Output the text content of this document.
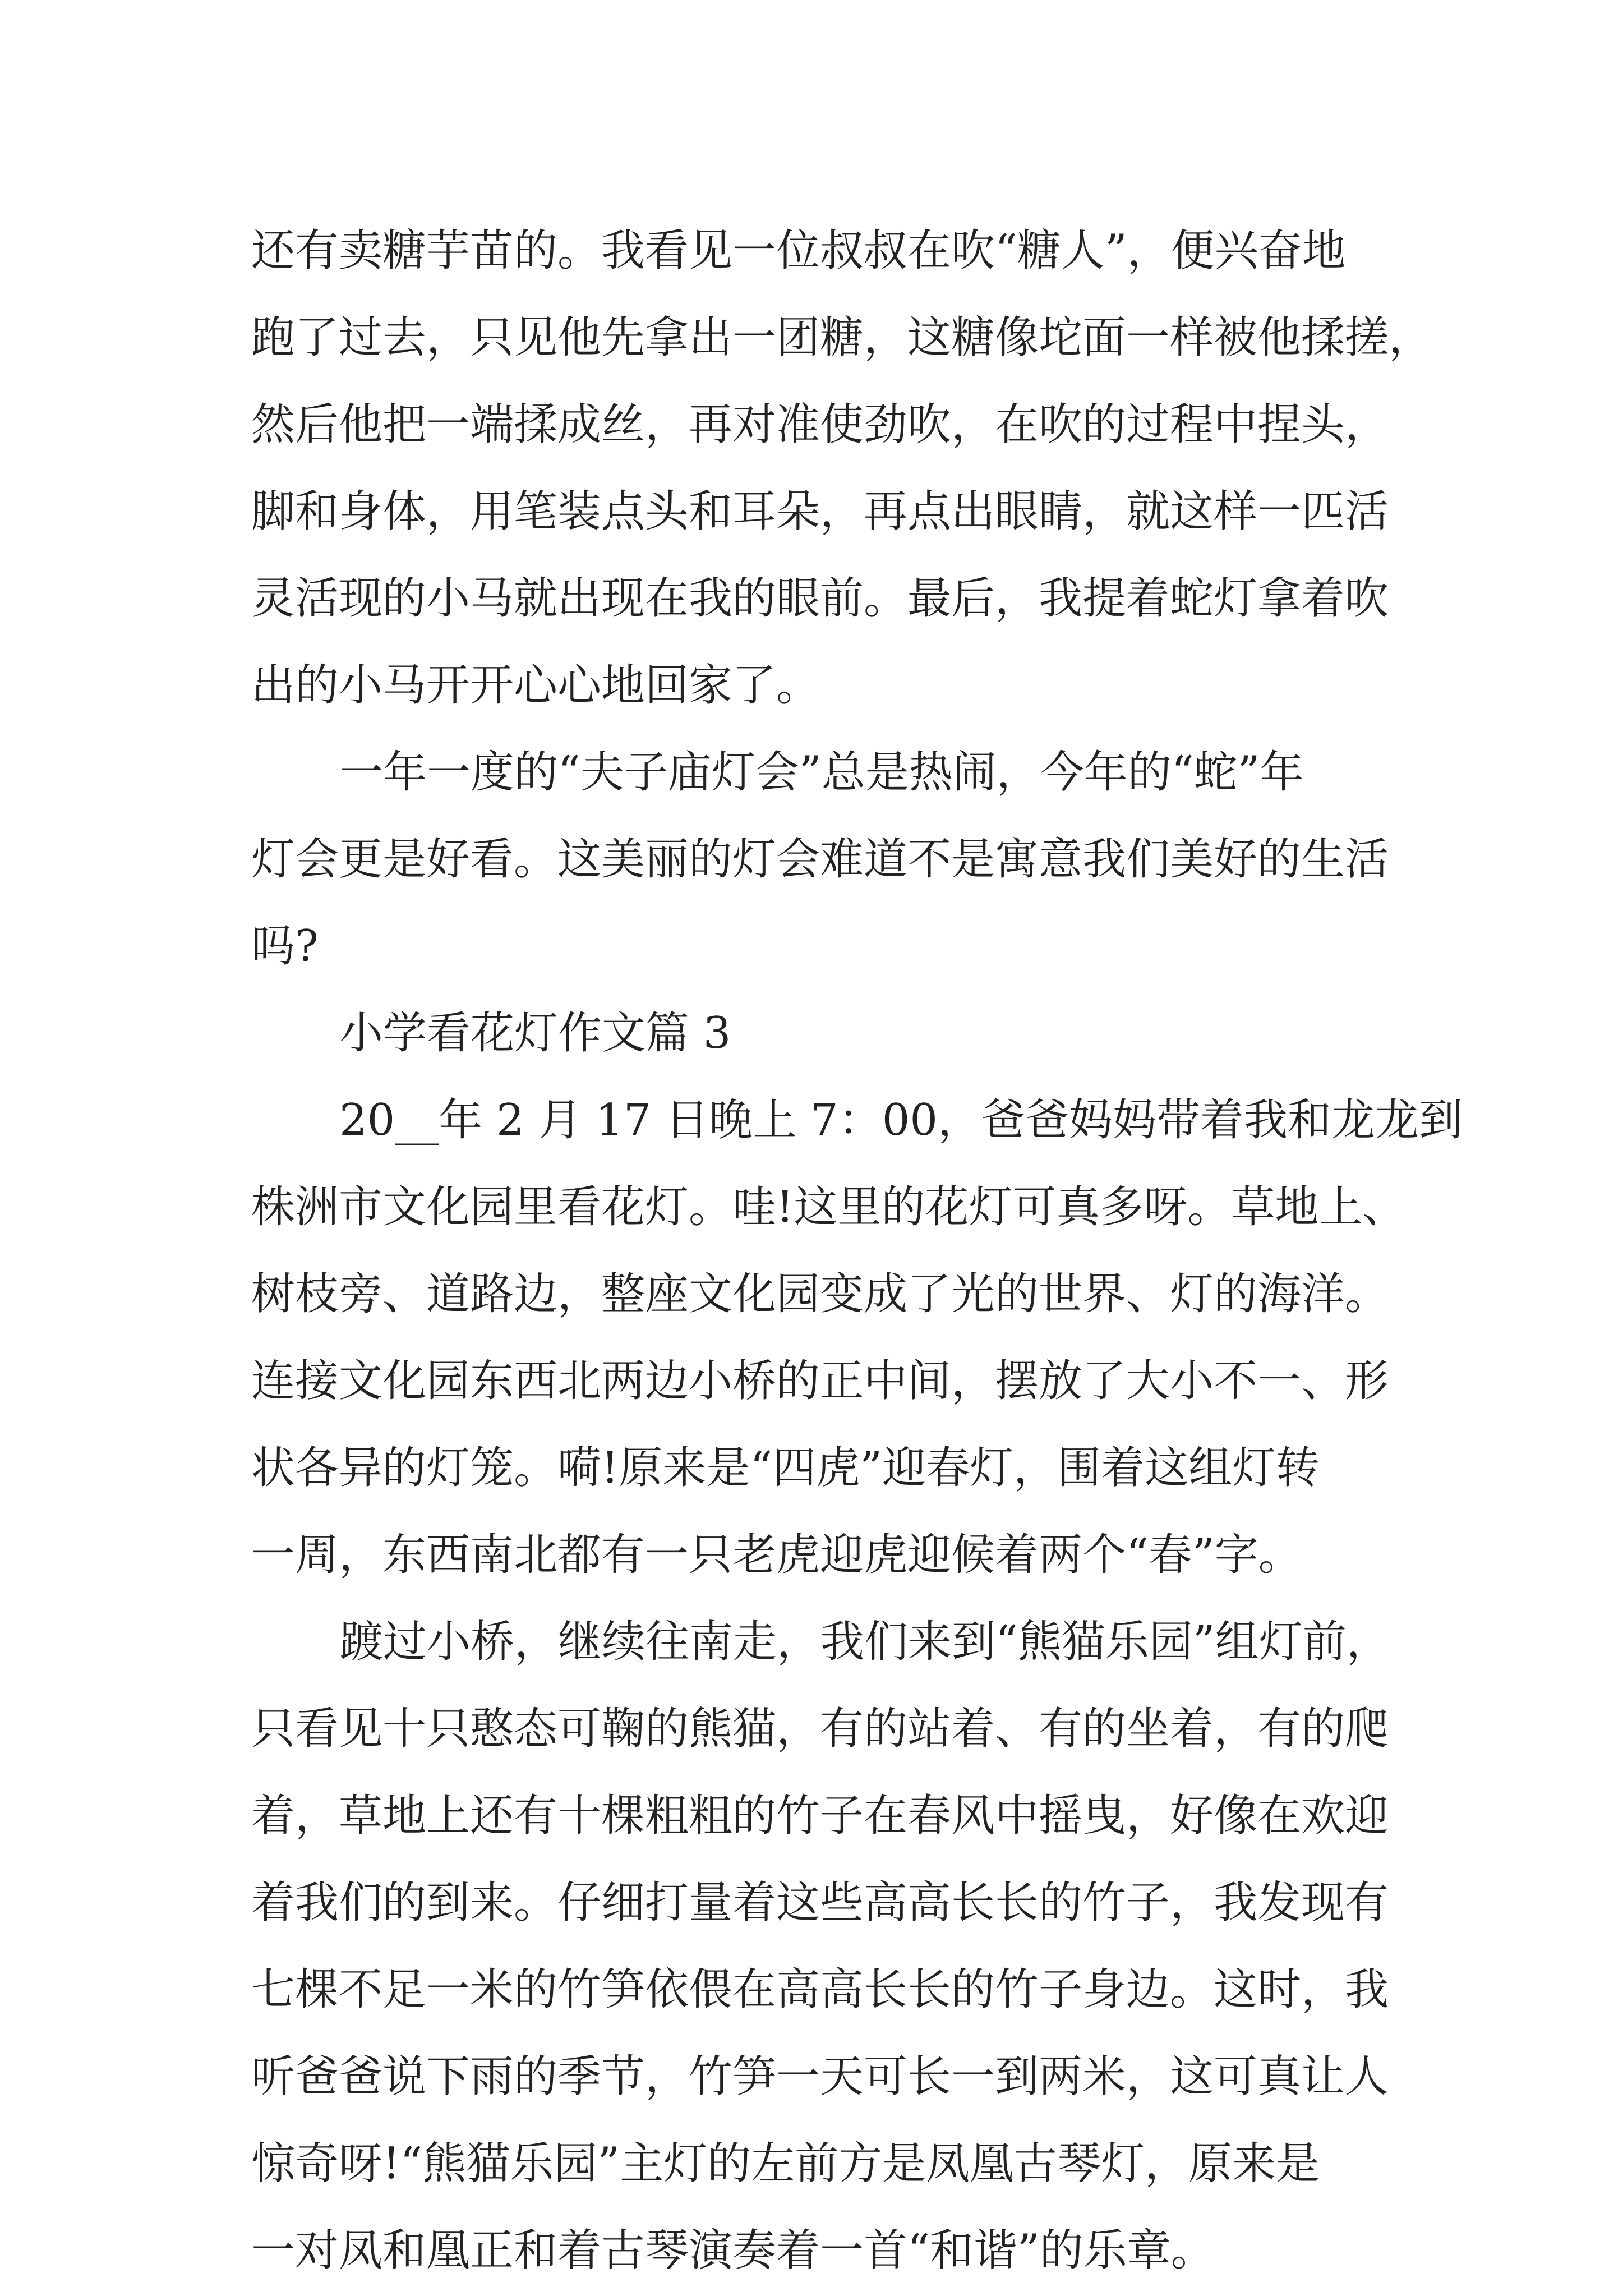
还有卖糖芋苗的。我看见一位叔叔在吹“糖人”，便兴奋地
跑了过去，只见他先拿出一团糖，这糖像坨面一样被他揉搓，
然后他把一端揉成丝，再对准使劲吹，在吹的过程中捏头，
脚和身体，用笔装点头和耳朵，再点出眼睛，就这样一匹活
灵活现的小马就出现在我的眼前。最后，我提着蛇灯拿着吹
出的小马开开心心地回家了。
一年一度的“夫子庙灯会”总是热闹，今年的“蛇”年
灯会更是好看。这美丽的灯会难道不是寓意我们美好的生活
吗?
小学看花灯作文篇 3
20__年 2 月 17 日晚上 7：00，爸爸妈妈带着我和龙龙到
株洲市文化园里看花灯。哇!这里的花灯可真多呀。草地上、
树枝旁、道路边，整座文化园变成了光的世界、灯的海洋。
连接文化园东西北两边小桥的正中间，摆放了大小不一、形
状各异的灯笼。嗬!原来是“四虎”迎春灯，围着这组灯转
一周，东西南北都有一只老虎迎虎迎候着两个“春”字。
踱过小桥，继续往南走，我们来到“熊猫乐园”组灯前，
只看见十只憨态可鞠的熊猫，有的站着、有的坐着，有的爬
着，草地上还有十棵粗粗的竹子在春风中摇曳，好像在欢迎
着我们的到来。仔细打量着这些高高长长的竹子，我发现有
七棵不足一米的竹笋依偎在高高长长的竹子身边。这时，我
听爸爸说下雨的季节，竹笋一天可长一到两米，这可真让人
惊奇呀!“熊猫乐园”主灯的左前方是凤凰古琴灯，原来是
一对凤和凰正和着古琴演奏着一首“和谐”的乐章。
